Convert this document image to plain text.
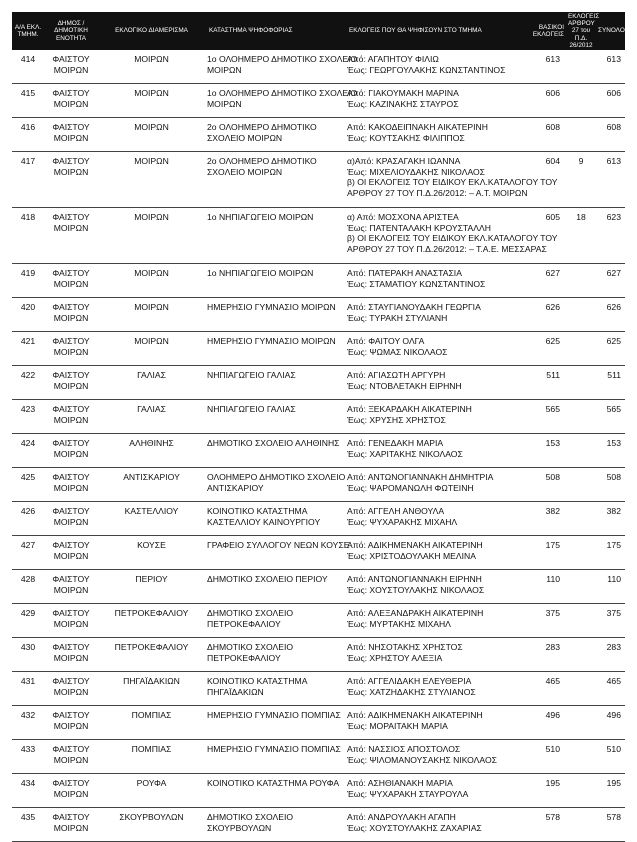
Α/Α ΕΚΛ. ΤΜΗΜ.	ΔΗΜΟΣ / ΔΗΜΟΤΙΚΗ ΕΝΟΤΗΤΑ	ΕΚΛΟΓΙΚΟ ΔΙΑΜΕΡΙΣΜΑ	ΚΑΤΑΣΤΗΜΑ ΨΗΦΟΦΟΡΙΑΣ	ΕΚΛΟΓΕΙΣ ΠΟΥ ΘΑ ΨΗΦΙΣΟΥΝ ΣΤΟ ΤΜΗΜΑ	ΒΑΣΙΚΟΙ ΕΚΛΟΓΕΙΣ	ΕΚΛΟΓΕΙΣ ΑΡΘΡΟΥ 27 του Π.Δ. 26/2012	ΣΥΝΟΛΟ

414	ΦΑΙΣΤΟΥ
ΜΟΙΡΩΝ	ΜΟΙΡΩΝ	1ο ΟΛΟΗΜΕΡΟ ΔΗΜΟΤΙΚΟ ΣΧΟΛΕΙΟ
ΜΟΙΡΩΝ	Από: ΑΓΑΠΗΤΟΥ ΦΙΛΙΩ
Έως: ΓΕΩΡΓΟΥΛΑΚΗΣ ΚΩΝΣΤΑΝΤΙΝΟΣ	613		613

415	ΦΑΙΣΤΟΥ
ΜΟΙΡΩΝ	ΜΟΙΡΩΝ	1ο ΟΛΟΗΜΕΡΟ ΔΗΜΟΤΙΚΟ ΣΧΟΛΕΙΟ
ΜΟΙΡΩΝ	Από: ΓΙΑΚΟΥΜΑΚΗ ΜΑΡΙΝΑ
Έως: ΚΑΖΙΝΑΚΗΣ ΣΤΑΥΡΟΣ	606		606

416	ΦΑΙΣΤΟΥ
ΜΟΙΡΩΝ	ΜΟΙΡΩΝ	2ο ΟΛΟΗΜΕΡΟ ΔΗΜΟΤΙΚΟ
ΣΧΟΛΕΙΟ ΜΟΙΡΩΝ	Από: ΚΑΚΟΔΕΙΠΝΑΚΗ ΑΙΚΑΤΕΡΙΝΗ
Έως: ΚΟΥΤΣΑΚΗΣ ΦΙΛΙΠΠΟΣ	608		608

417	ΦΑΙΣΤΟΥ
ΜΟΙΡΩΝ	ΜΟΙΡΩΝ	2ο ΟΛΟΗΜΕΡΟ ΔΗΜΟΤΙΚΟ
ΣΧΟΛΕΙΟ ΜΟΙΡΩΝ	α)Από: ΚΡΑΣΑΓΑΚΗ ΙΩΑΝΝΑ
Έως: ΜΙΧΕΛΙΟΥΔΑΚΗΣ ΝΙΚΟΛΑΟΣ
β) ΟΙ ΕΚΛΟΓΕΙΣ ΤΟΥ ΕΙΔΙΚΟΥ ΕΚΛ.ΚΑΤΑΛΟΓΟΥ ΤΟΥ
ΑΡΘΡΟΥ 27 ΤΟΥ Π.Δ.26/2012: – Α.Τ. ΜΟΙΡΩΝ	604	9	613

418	ΦΑΙΣΤΟΥ
ΜΟΙΡΩΝ	ΜΟΙΡΩΝ	1ο ΝΗΠΙΑΓΩΓΕΙΟ ΜΟΙΡΩΝ	α) Από: ΜΟΣΧΟΝΑ ΑΡΙΣΤΕΑ
Έως: ΠΑΤΕΝΤΑΛΑΚΗ ΚΡΟΥΣΤΑΛΛΗ
β) ΟΙ ΕΚΛΟΓΕΙΣ ΤΟΥ ΕΙΔΙΚΟΥ ΕΚΛ.ΚΑΤΑΛΟΓΟΥ ΤΟΥ
ΑΡΘΡΟΥ 27 ΤΟΥ Π.Δ.26/2012: – Τ.Α.Ε. ΜΕΣΣΑΡΑΣ	605	18	623

419	ΦΑΙΣΤΟΥ
ΜΟΙΡΩΝ	ΜΟΙΡΩΝ	1ο ΝΗΠΙΑΓΩΓΕΙΟ ΜΟΙΡΩΝ	Από: ΠΑΤΕΡΑΚΗ ΑΝΑΣΤΑΣΙΑ
Έως: ΣΤΑΜΑΤΙΟΥ ΚΩΝΣΤΑΝΤΙΝΟΣ	627		627

420	ΦΑΙΣΤΟΥ
ΜΟΙΡΩΝ	ΜΟΙΡΩΝ	ΗΜΕΡΗΣΙΟ ΓΥΜΝΑΣΙΟ ΜΟΙΡΩΝ	Από: ΣΤΑΥΓΙΑΝΟΥΔΑΚΗ ΓΕΩΡΓΙΑ
Έως: ΤΥΡΑΚΗ ΣΤΥΛΙΑΝΗ	626		626

421	ΦΑΙΣΤΟΥ
ΜΟΙΡΩΝ	ΜΟΙΡΩΝ	ΗΜΕΡΗΣΙΟ ΓΥΜΝΑΣΙΟ ΜΟΙΡΩΝ	Από: ΦΑΙΤΟΥ ΟΛΓΑ
Έως: ΨΩΜΑΣ ΝΙΚΟΛΑΟΣ	625		625

422	ΦΑΙΣΤΟΥ
ΜΟΙΡΩΝ	ΓΑΛΙΑΣ	ΝΗΠΙΑΓΩΓΕΙΟ ΓΑΛΙΑΣ	Από: ΑΓΙΑΣΩΤΗ ΑΡΓΥΡΗ
Έως: ΝΤΟΒΛΕΤΑΚΗ ΕΙΡΗΝΗ	511		511

423	ΦΑΙΣΤΟΥ
ΜΟΙΡΩΝ	ΓΑΛΙΑΣ	ΝΗΠΙΑΓΩΓΕΙΟ ΓΑΛΙΑΣ	Από: ΞΕΚΑΡΔΑΚΗ ΑΙΚΑΤΕΡΙΝΗ
Έως: ΧΡΥΣΗΣ ΧΡΗΣΤΟΣ	565		565

424	ΦΑΙΣΤΟΥ
ΜΟΙΡΩΝ	ΑΛΗΘΙΝΗΣ	ΔΗΜΟΤΙΚΟ ΣΧΟΛΕΙΟ ΑΛΗΘΙΝΗΣ	Από: ΓΕΝΕΔΑΚΗ ΜΑΡΙΑ
Έως: ΧΑΡΙΤΑΚΗΣ ΝΙΚΟΛΑΟΣ	153		153

425	ΦΑΙΣΤΟΥ
ΜΟΙΡΩΝ	ΑΝΤΙΣΚΑΡΙΟΥ	ΟΛΟΗΜΕΡΟ ΔΗΜΟΤΙΚΟ ΣΧΟΛΕΙΟ
ΑΝΤΙΣΚΑΡΙΟΥ	Από: ΑΝΤΩΝΟΓΙΑΝΝΑΚΗ ΔΗΜΗΤΡΙΑ
Έως: ΨΑΡΟΜΑΝΩΛΗ ΦΩΤΕΙΝΗ	508		508

426	ΦΑΙΣΤΟΥ
ΜΟΙΡΩΝ	ΚΑΣΤΕΛΛΙΟΥ	ΚΟΙΝΟΤΙΚΟ ΚΑΤΑΣΤΗΜΑ
ΚΑΣΤΕΛΛΙΟΥ ΚΑΙΝΟΥΡΓΙΟΥ	Από: ΑΓΓΕΛΗ ΑΝΘΟΥΛΑ
Έως: ΨΥΧΑΡΑΚΗΣ ΜΙΧΑΗΛ	382		382

427	ΦΑΙΣΤΟΥ
ΜΟΙΡΩΝ	ΚΟΥΣΕ	ΓΡΑΦΕΙΟ ΣΥΛΛΟΓΟΥ ΝΕΩΝ ΚΟΥΣΕ	Από: ΑΔΙΚΗΜΕΝΑΚΗ ΑΙΚΑΤΕΡΙΝΗ
Έως: ΧΡΙΣΤΟΔΟΥΛΑΚΗ ΜΕΛΙΝΑ	175		175

428	ΦΑΙΣΤΟΥ
ΜΟΙΡΩΝ	ΠΕΡΙΟΥ	ΔΗΜΟΤΙΚΟ ΣΧΟΛΕΙΟ ΠΕΡΙΟΥ	Από: ΑΝΤΩΝΟΓΙΑΝΝΑΚΗ ΕΙΡΗΝΗ
Έως: ΧΟΥΣΤΟΥΛΑΚΗΣ ΝΙΚΟΛΑΟΣ	110		110

429	ΦΑΙΣΤΟΥ
ΜΟΙΡΩΝ	ΠΕΤΡΟΚΕΦΑΛΙΟΥ	ΔΗΜΟΤΙΚΟ ΣΧΟΛΕΙΟ
ΠΕΤΡΟΚΕΦΑΛΙΟΥ	Από: ΑΛΕΞΑΝΔΡΑΚΗ ΑΙΚΑΤΕΡΙΝΗ
Έως: ΜΥΡΤΑΚΗΣ ΜΙΧΑΗΛ	375		375

430	ΦΑΙΣΤΟΥ
ΜΟΙΡΩΝ	ΠΕΤΡΟΚΕΦΑΛΙΟΥ	ΔΗΜΟΤΙΚΟ ΣΧΟΛΕΙΟ
ΠΕΤΡΟΚΕΦΑΛΙΟΥ	Από: ΝΗΣΟΤΑΚΗΣ ΧΡΗΣΤΟΣ
Έως: ΧΡΗΣΤΟΥ ΑΛΕΞΙΑ	283		283

431	ΦΑΙΣΤΟΥ
ΜΟΙΡΩΝ	ΠΗΓΑΪΔΑΚΙΩΝ	ΚΟΙΝΟΤΙΚΟ ΚΑΤΑΣΤΗΜΑ
ΠΗΓΑΪΔΑΚΙΩΝ	Από: ΑΓΓΕΛΙΔΑΚΗ ΕΛΕΥΘΕΡΙΑ
Έως: ΧΑΤΖΗΔΑΚΗΣ ΣΤΥΛΙΑΝΟΣ	465		465

432	ΦΑΙΣΤΟΥ
ΜΟΙΡΩΝ	ΠΟΜΠΙΑΣ	ΗΜΕΡΗΣΙΟ ΓΥΜΝΑΣΙΟ ΠΟΜΠΙΑΣ	Από: ΑΔΙΚΗΜΕΝΑΚΗ ΑΙΚΑΤΕΡΙΝΗ
Έως: ΜΟΡΑΙΤΑΚΗ ΜΑΡΙΑ	496		496

433	ΦΑΙΣΤΟΥ
ΜΟΙΡΩΝ	ΠΟΜΠΙΑΣ	ΗΜΕΡΗΣΙΟ ΓΥΜΝΑΣΙΟ ΠΟΜΠΙΑΣ	Από: ΝΑΣΣΙΟΣ ΑΠΟΣΤΟΛΟΣ
Έως: ΨΙΛΟΜΑΝΟΥΣΑΚΗΣ ΝΙΚΟΛΑΟΣ	510		510

434	ΦΑΙΣΤΟΥ
ΜΟΙΡΩΝ	ΡΟΥΦΑ	ΚΟΙΝΟΤΙΚΟ ΚΑΤΑΣΤΗΜΑ ΡΟΥΦΑ	Από: ΑΣΗΘΙΑΝΑΚΗ ΜΑΡΙΑ
Έως: ΨΥΧΑΡΑΚΗ ΣΤΑΥΡΟΥΛΑ	195		195

435	ΦΑΙΣΤΟΥ
ΜΟΙΡΩΝ	ΣΚΟΥΡΒΟΥΛΩΝ	ΔΗΜΟΤΙΚΟ ΣΧΟΛΕΙΟ
ΣΚΟΥΡΒΟΥΛΩΝ	Από: ΑΝΔΡΟΥΛΑΚΗ ΑΓΑΠΗ
Έως: ΧΟΥΣΤΟΥΛΑΚΗΣ ΖΑΧΑΡΙΑΣ	578		578
